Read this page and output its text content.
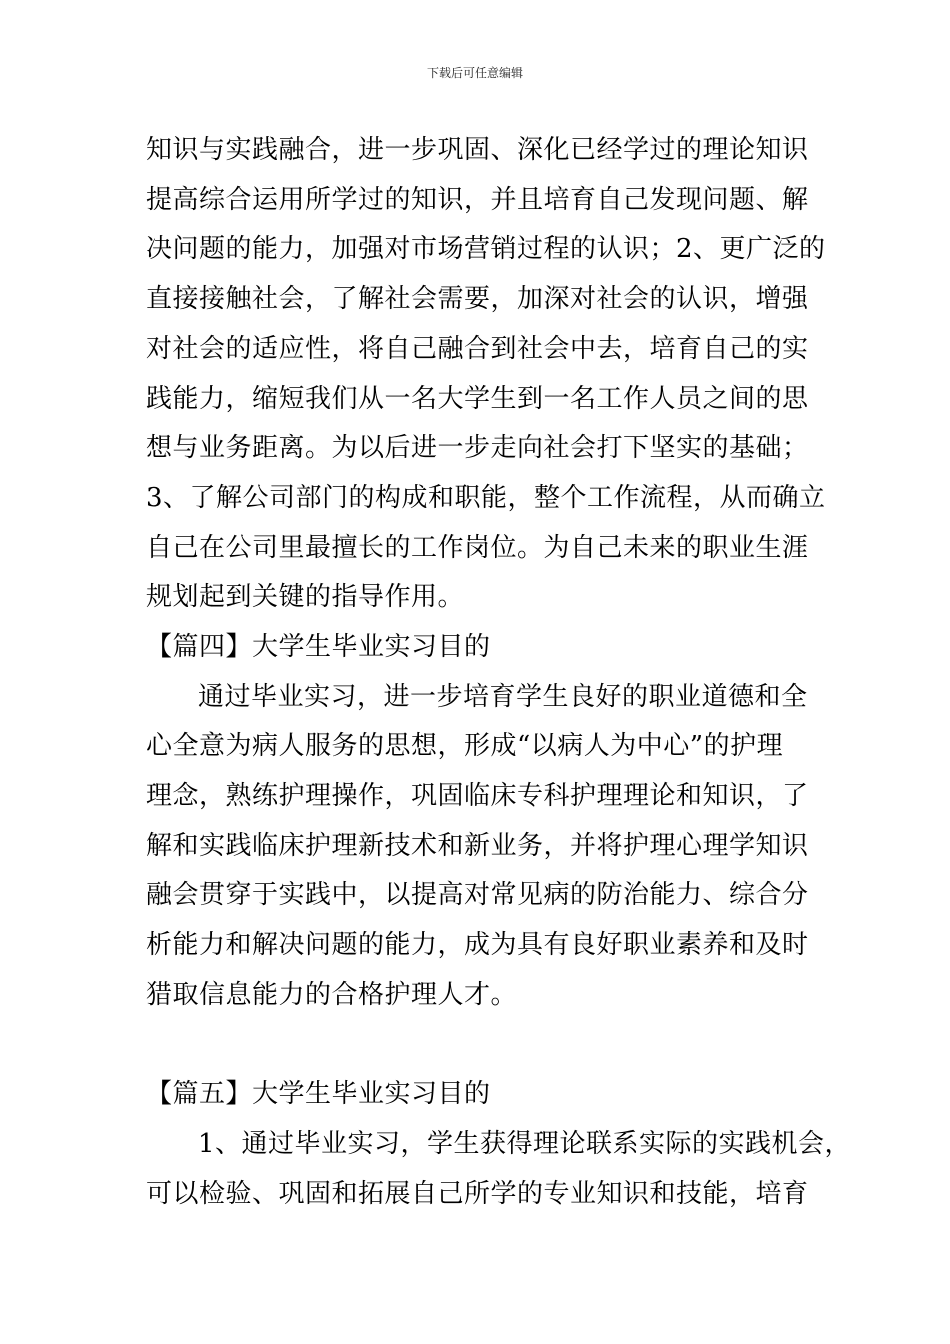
下载后可任意编辑
知识与实践融合，进一步巩固、深化已经学过的理论知识
提高综合运用所学过的知识，并且培育自己发现问题、解
决问题的能力，加强对市场营销过程的认识；2、更广泛的
直接接触社会，了解社会需要，加深对社会的认识，增强
对社会的适应性，将自己融合到社会中去，培育自己的实
践能力，缩短我们从一名大学生到一名工作人员之间的思
想与业务距离。为以后进一步走向社会打下坚实的基础；
3、了解公司部门的构成和职能，整个工作流程，从而确立
自己在公司里最擅长的工作岗位。为自己未来的职业生涯
规划起到关键的指导作用。
【篇四】大学生毕业实习目的
通过毕业实习，进一步培育学生良好的职业道德和全
心全意为病人服务的思想，形成“以病人为中心”的护理
理念，熟练护理操作，巩固临床专科护理理论和知识，了
解和实践临床护理新技术和新业务，并将护理心理学知识
融会贯穿于实践中，以提高对常见病的防治能力、综合分
析能力和解决问题的能力，成为具有良好职业素养和及时
猎取信息能力的合格护理人才。
【篇五】大学生毕业实习目的
1、通过毕业实习，学生获得理论联系实际的实践机会，
可以检验、巩固和拓展自己所学的专业知识和技能，培育
